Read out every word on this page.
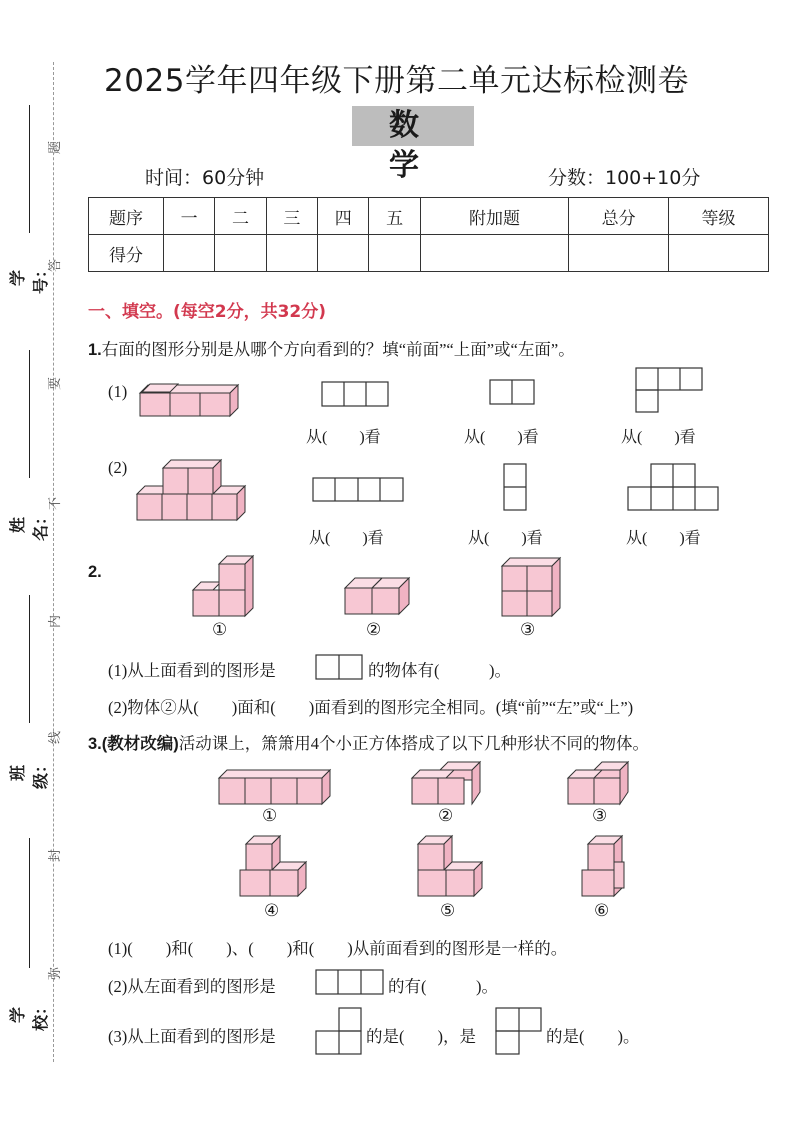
题
答
要
不
内
线
封
弥
学号：
姓名：
班级：
学校：
2025学年四年级下册第二单元达标检测卷
数 学
时间：60分钟	分数：100+10分
题序	一	二	三	四	五	附加题	总分	等级
得分								
一、填空。(每空2分，共32分)
1.右面的图形分别是从哪个方向看到的？填“前面”“上面”或“左面”。
(1)
(2)
从(　　)看	从(　　)看	从(　　)看
从(　　)看	从(　　)看	从(　　)看
2.
①	②	③
(1)从上面看到的图形是	的物体有(　　　)。
(2)物体②从(　　)面和(　　)面看到的图形完全相同。(填“前”“左”或“上”)
3.(教材改编)活动课上，箫箫用4个小正方体搭成了以下几种形状不同的物体。
①	②	③
④	⑤	⑥
(1)(　　)和(　　)、(　　)和(　　)从前面看到的图形是一样的。
(2)从左面看到的图形是	的有(　　　)。
(3)从上面看到的图形是	的是(　　)，是	的是(　　)。
